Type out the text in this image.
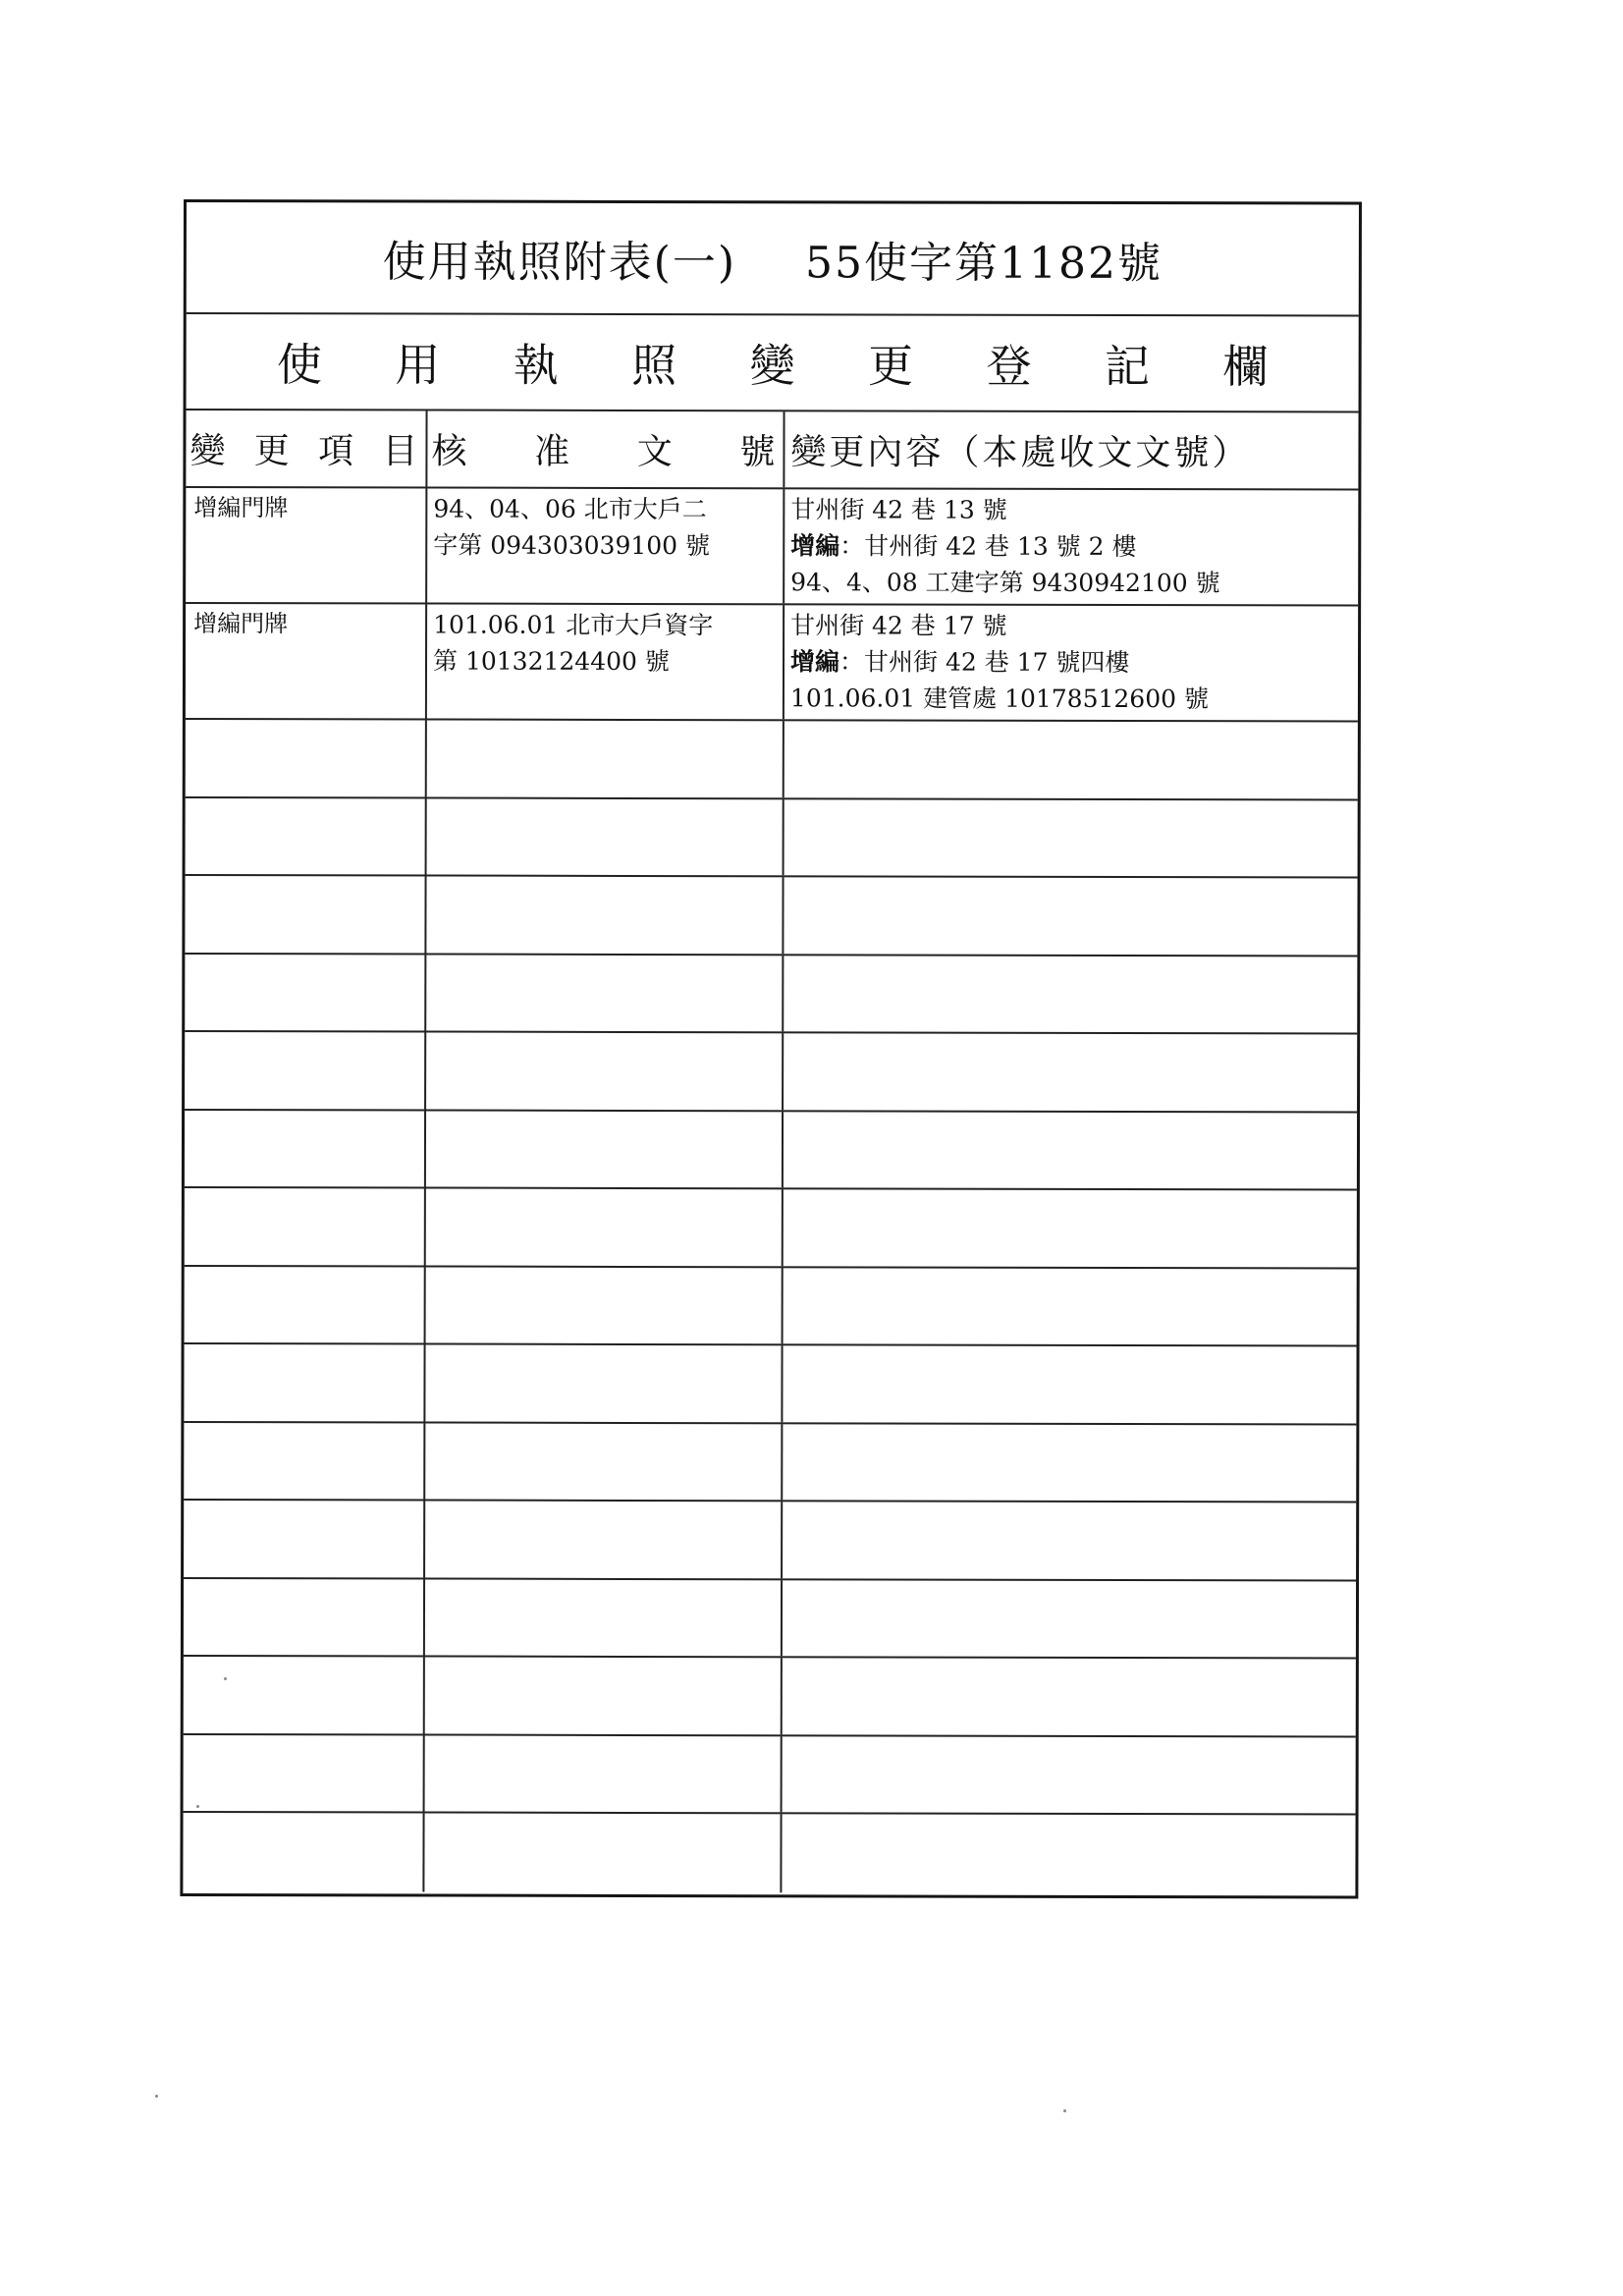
使用執照附表(一) 55使字第1182號
使 用 執 照 變 更 登 記 欄
變 更 項 目 核 准 文 號 變更內容（本處收文文號）
增編門牌	94、04、06 北市大戶二
字第 094303039100 號
甘州街 42 巷 13 號
增編：甘州街 42 巷 13 號 2 樓
94、4、08 工建字第 9430942100 號
增編門牌	101.06.01 北市大戶資字
第 10132124400 號
甘州街 42 巷 17 號
增編：甘州街 42 巷 17 號四樓
101.06.01 建管處 10178512600 號
